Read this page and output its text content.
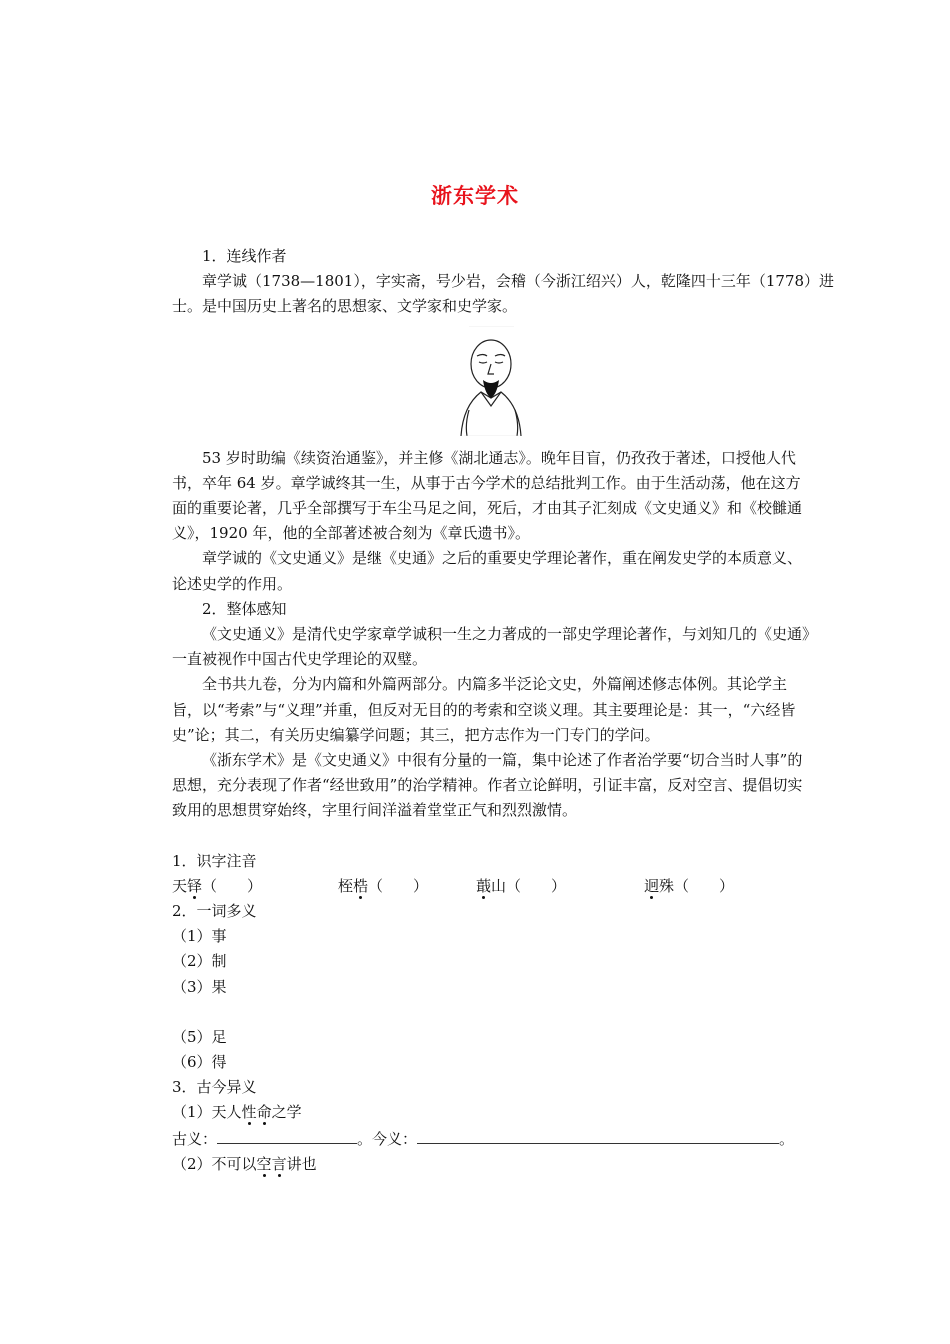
浙东学术
1．连线作者
章学诚（1738—1801），字实斋，号少岩，会稽（今浙江绍兴）人，乾隆四十三年（1778）进
士。是中国历史上著名的思想家、文学家和史学家。
53 岁时助编《续资治通鉴》，并主修《湖北通志》。晚年目盲，仍孜孜于著述，口授他人代书，卒年 64 岁。章学诚终其一生，从事于古今学术的总结批判工作。由于生活动荡，他在这方面的重要论著，几乎全部撰写于车尘马足之间，死后，才由其子汇刻成《文史通义》和《校雠通义》，1920 年，他的全部著述被合刻为《章氏遗书》。
章学诚的《文史通义》是继《史通》之后的重要史学理论著作，重在阐发史学的本质意义、论述史学的作用。
2．整体感知
《文史通义》是清代史学家章学诚积一生之力著成的一部史学理论著作，与刘知几的《史通》一直被视作中国古代史学理论的双璧。
全书共九卷，分为内篇和外篇两部分。内篇多半泛论文史，外篇阐述修志体例。其论学主旨，以“考索”与“义理”并重，但反对无目的的考索和空谈义理。其主要理论是：其一，“六经皆史”论；其二，有关历史编纂学问题；其三，把方志作为一门专门的学问。
《浙东学术》是《文史通义》中很有分量的一篇，集中论述了作者治学要“切合当时人事”的思想，充分表现了作者“经世致用”的治学精神。作者立论鲜明，引证丰富，反对空言、提倡切实致用的思想贯穿始终，字里行间洋溢着堂堂正气和烈烈激情。
1．识字注音
天铎（　　）	桎梏（　　）	蕺山（　　）	迥殊（　　）
2．一词多义
（1）事
（2）制
（3）果
（5）足
（6）得
3．古今异义
（1）天人性命之学
古义：	。今义：	。
（2）不可以空言讲也
